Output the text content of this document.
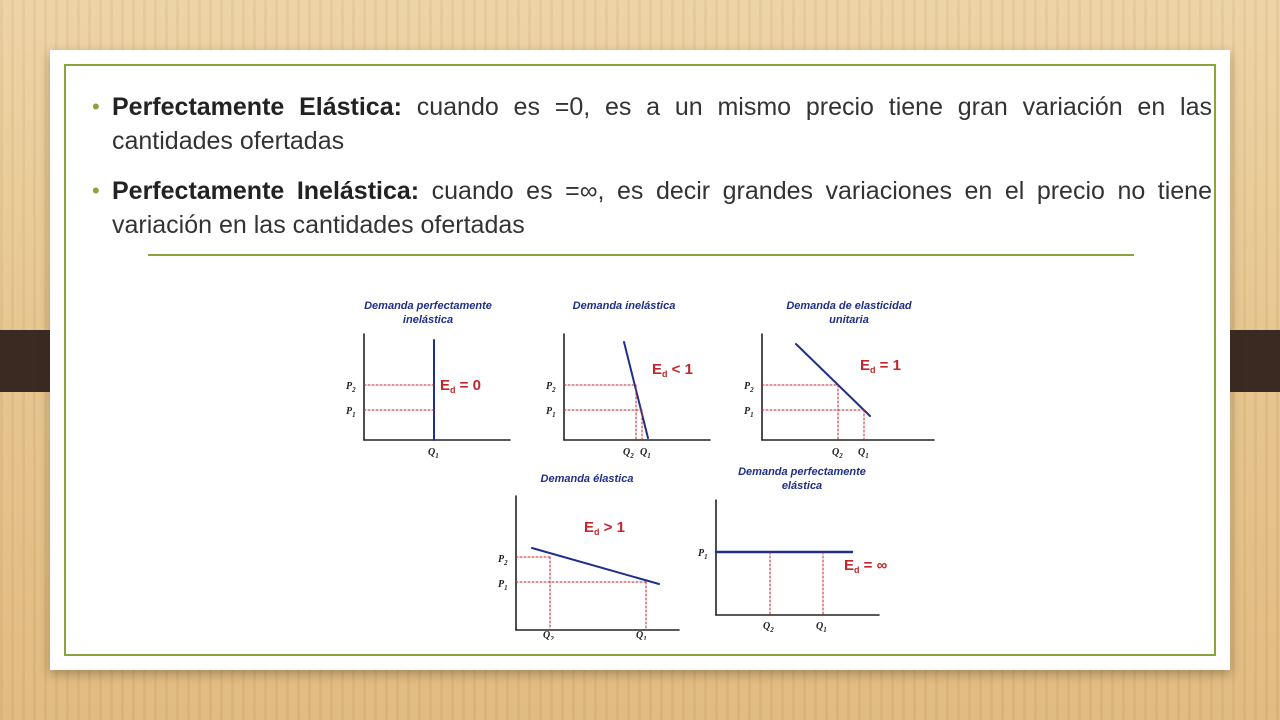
• Perfectamente Elástica: cuando es =0, es a un mismo precio tiene gran variación en las cantidades ofertadas
• Perfectamente Inelástica: cuando es =∞, es decir grandes variaciones en el precio no tiene variación en las cantidades ofertadas
Demanda perfectamente
inelástica
$P_2$
$P_1$
$Q_1$
$E_d = 0$
Demanda inelástica
$P_2$
$P_1$
$Q_2$ $Q_1$
$E_d < 1$
Demanda de elasticidad
unitaria
$P_2$
$P_1$
$Q_2$ $Q_1$
$E_d = 1$
Demanda élastica
$P_2$
$P_1$
$Q_2$	$Q_1$
$E_d > 1$
Demanda perfectamente
elástica
$P_1$
$Q_2$	$Q_1$
$E_d$ = ∞
